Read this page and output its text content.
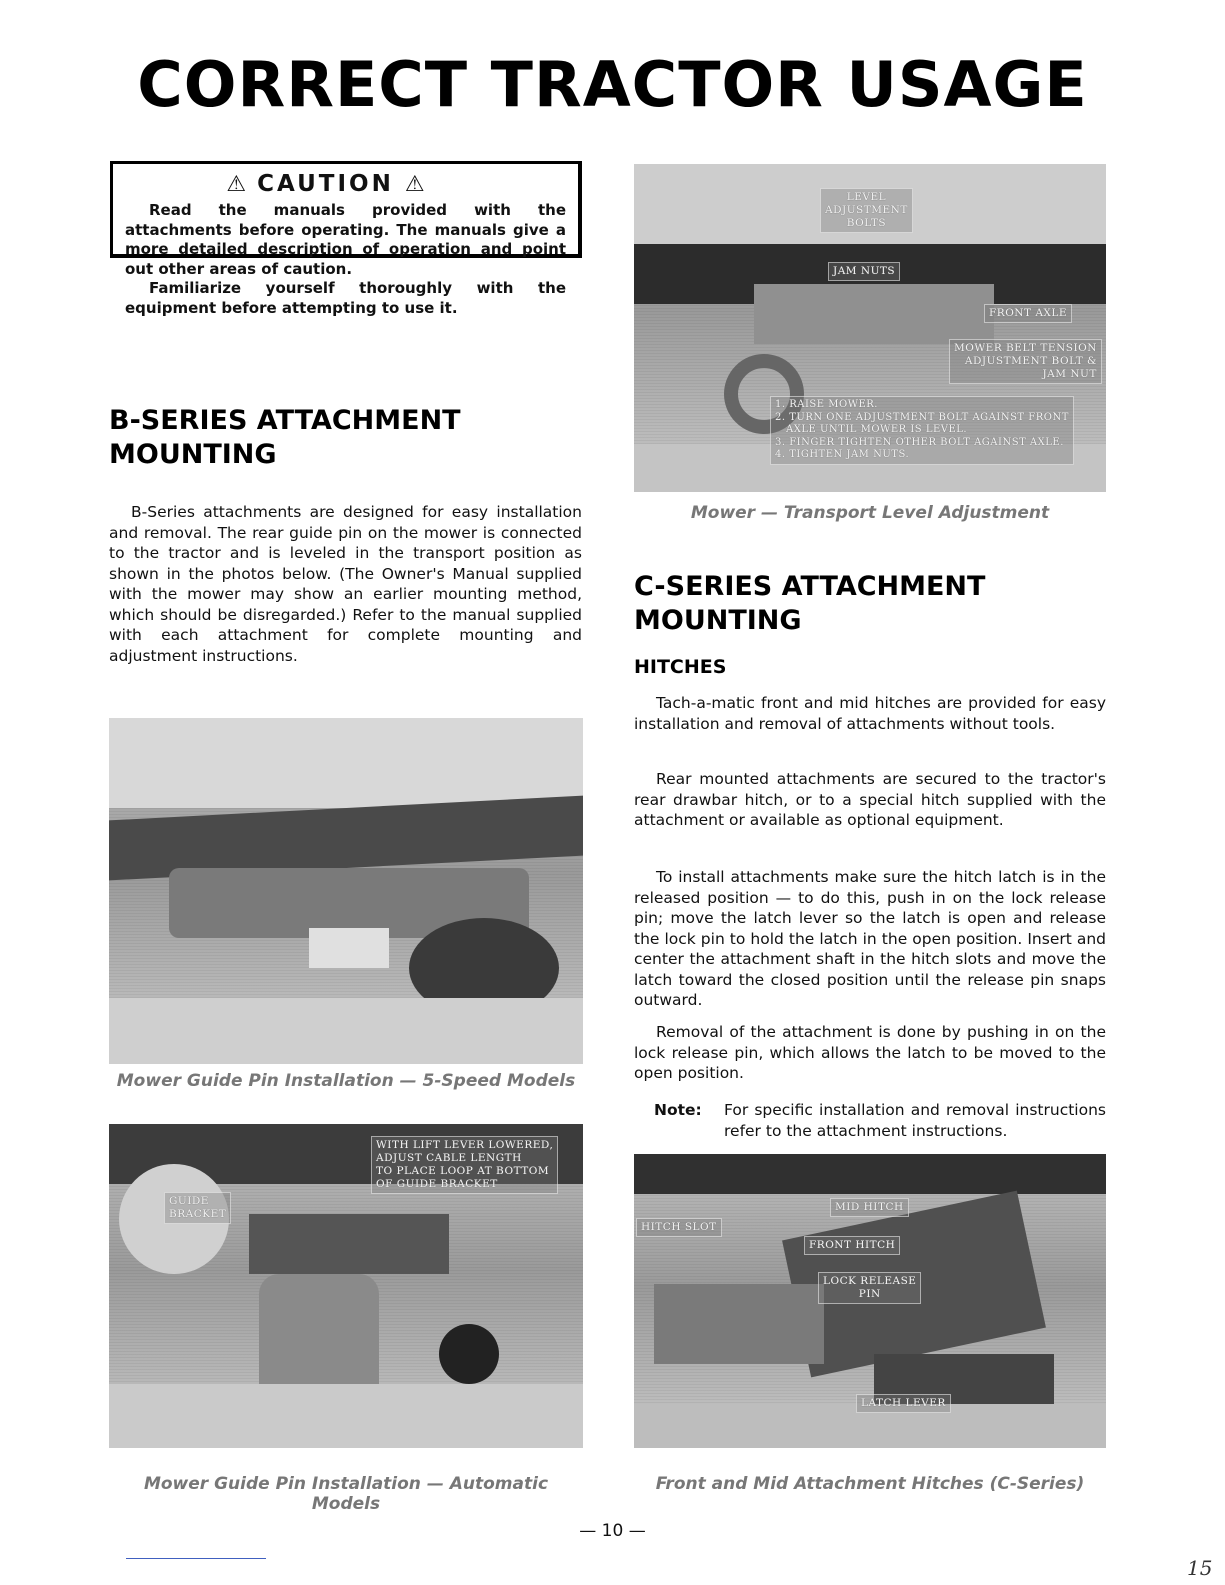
CORRECT TRACTOR USAGE
⚠ CAUTION ⚠

Read the manuals provided with the attachments before operating. The manuals give a more detailed description of operation and point out other areas of caution.

Familiarize yourself thoroughly with the equipment before attempting to use it.

B-SERIES ATTACHMENT
MOUNTING
B-Series attachments are designed for easy installation and removal. The rear guide pin on the mower is connected to the tractor and is leveled in the transport position as shown in the photos below. (The Owner's Manual supplied with the mower may show an earlier mounting method, which should be disregarded.) Refer to the manual supplied with each attachment for complete mounting and adjustment instructions.
Mower Guide Pin Installation — 5-Speed Models
GUIDE
BRACKET
WITH LIFT LEVER LOWERED,
ADJUST CABLE LENGTH
TO PLACE LOOP AT BOTTOM
OF GUIDE BRACKET
Mower Guide Pin Installation — Automatic Models
LEVEL
ADJUSTMENT
BOLTS
JAM NUTS
FRONT AXLE
MOWER BELT TENSION
ADJUSTMENT BOLT &
JAM NUT
1. RAISE MOWER.
2. TURN ONE ADJUSTMENT BOLT AGAINST FRONT
AXLE UNTIL MOWER IS LEVEL.
3. FINGER TIGHTEN OTHER BOLT AGAINST AXLE.
4. TIGHTEN JAM NUTS.
Mower — Transport Level Adjustment
C-SERIES ATTACHMENT
MOUNTING
HITCHES
Tach-a-matic front and mid hitches are provided for easy installation and removal of attachments without tools.
Rear mounted attachments are secured to the tractor's rear drawbar hitch, or to a special hitch supplied with the attachment or available as optional equipment.
To install attachments make sure the hitch latch is in the released position — to do this, push in on the lock release pin; move the latch lever so the latch is open and release the lock pin to hold the latch in the open position. Insert and center the attachment shaft in the hitch slots and move the latch toward the closed position until the release pin snaps outward.
Removal of the attachment is done by pushing in on the lock release pin, which allows the latch to be moved to the open position.
Note: For specific installation and removal instructions refer to the attachment instructions.
MID HITCH
HITCH SLOT
FRONT HITCH
LOCK RELEASE
PIN
LATCH LEVER
Front and Mid Attachment Hitches (C-Series)
— 10 —
15
